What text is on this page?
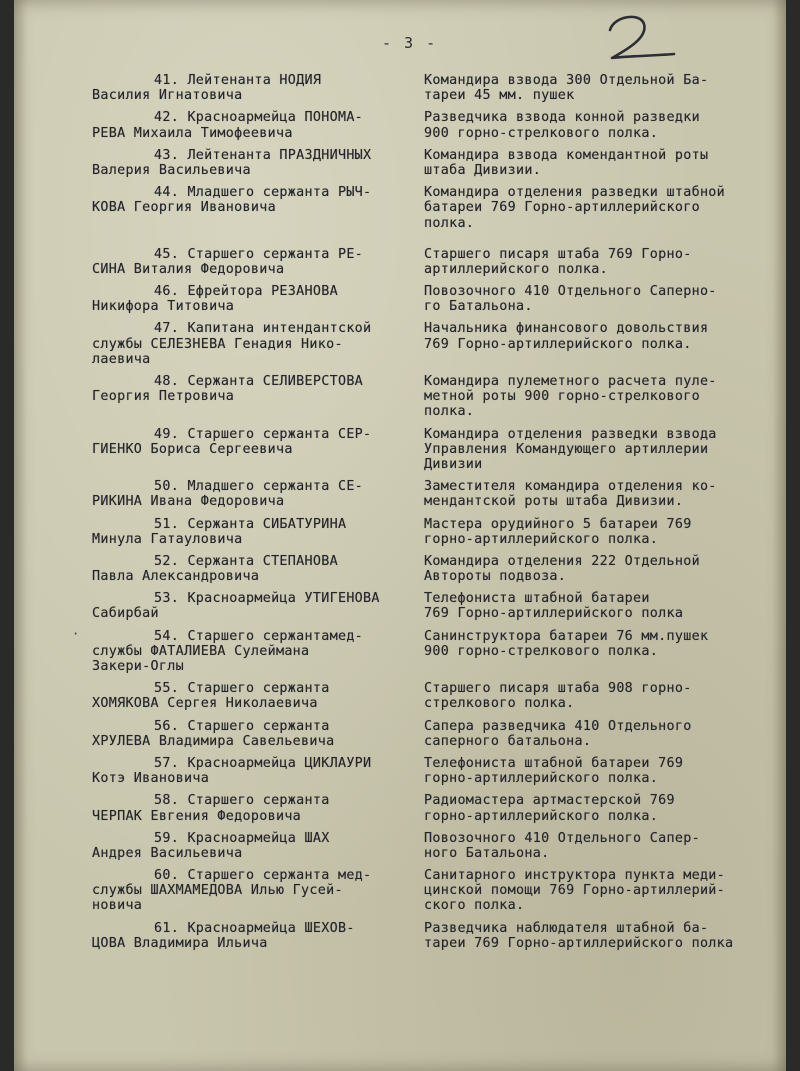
- 3 -
·
41. Лейтенанта НОДИЯ
Василия Игнатовича
Командира взвода 300 Отдельной Ба-
тареи 45 мм. пушек
42. Красноармейца ПОНОМА-
РЕВА Михаила Тимофеевича
Разведчика взвода конной разведки
900 горно-стрелкового полка.
43. Лейтенанта ПРАЗДНИЧНЫХ
Валерия Васильевича
Командира взвода комендантной роты
штаба Дивизии.
44. Младшего сержанта РЫЧ-
КОВА Георгия Ивановича
Командира отделения разведки штабной
батареи 769 Горно-артиллерийского
полка.
45. Старшего сержанта РЕ-
СИНА Виталия Федоровича
Старшего писаря штаба 769 Горно-
артиллерийского полка.
46. Ефрейтора РЕЗАНОВА
Никифора Титовича
Повозочного 410 Отдельного Саперно-
го Батальона.
47. Капитана интендантской
службы СЕЛЕЗНЕВА Генадия Нико-
лаевича
Начальника финансового довольствия
769 Горно-артиллерийского полка.
48. Сержанта СЕЛИВЕРСТОВА
Георгия Петровича
Командира пулеметного расчета пуле-
метной роты 900 горно-стрелкового
полка.
49. Старшего сержанта СЕР-
ГИЕНКО Бориса Сергеевича
Командира отделения разведки взвода
Управления Командующего артиллерии
Дивизии
50. Младшего сержанта СЕ-
РИКИНА Ивана Федоровича
Заместителя командира отделения ко-
мендантской роты штаба Дивизии.
51. Сержанта СИБАТУРИНА
Минула Гатауловича
Мастера орудийного 5 батареи 769
горно-артиллерийского полка.
52. Сержанта СТЕПАНОВА
Павла Александровича
Командира отделения 222 Отдельной
Автороты подвоза.
53. Красноармейца УТИГЕНОВА
Сабирбай
Телефониста штабной батареи
769 Горно-артиллерийского полка
54. Старшего сержантамед-
службы ФАТАЛИЕВА Сулеймана
Закери-Оглы
Санинструктора батареи 76 мм.пушек
900 горно-стрелкового полка.
55. Старшего сержанта
ХОМЯКОВА Сергея Николаевича
Старшего писаря штаба 908 горно-
стрелкового полка.
56. Старшего сержанта
ХРУЛЕВА Владимира Савельевича
Сапера разведчика 410 Отдельного
саперного батальона.
57. Красноармейца ЦИКЛАУРИ
Котэ Ивановича
Телефониста штабной батареи 769
горно-артиллерийского полка.
58. Старшего сержанта
ЧЕРПАК Евгения Федоровича
Радиомастера артмастерской 769
горно-артиллерийского полка.
59. Красноармейца ШАХ
Андрея Васильевича
Повозочного 410 Отдельного Сапер-
ного Батальона.
60. Старшего сержанта мед-
службы ШАХМАМЕДОВА Илью Гусей-
новича
Санитарного инструктора пункта меди-
цинской помощи 769 Горно-артиллерий-
ского полка.
61. Красноармейца ШЕХОВ-
ЦОВА Владимира Ильича
Разведчика наблюдателя штабной ба-
тареи 769 Горно-артиллерийского полка
